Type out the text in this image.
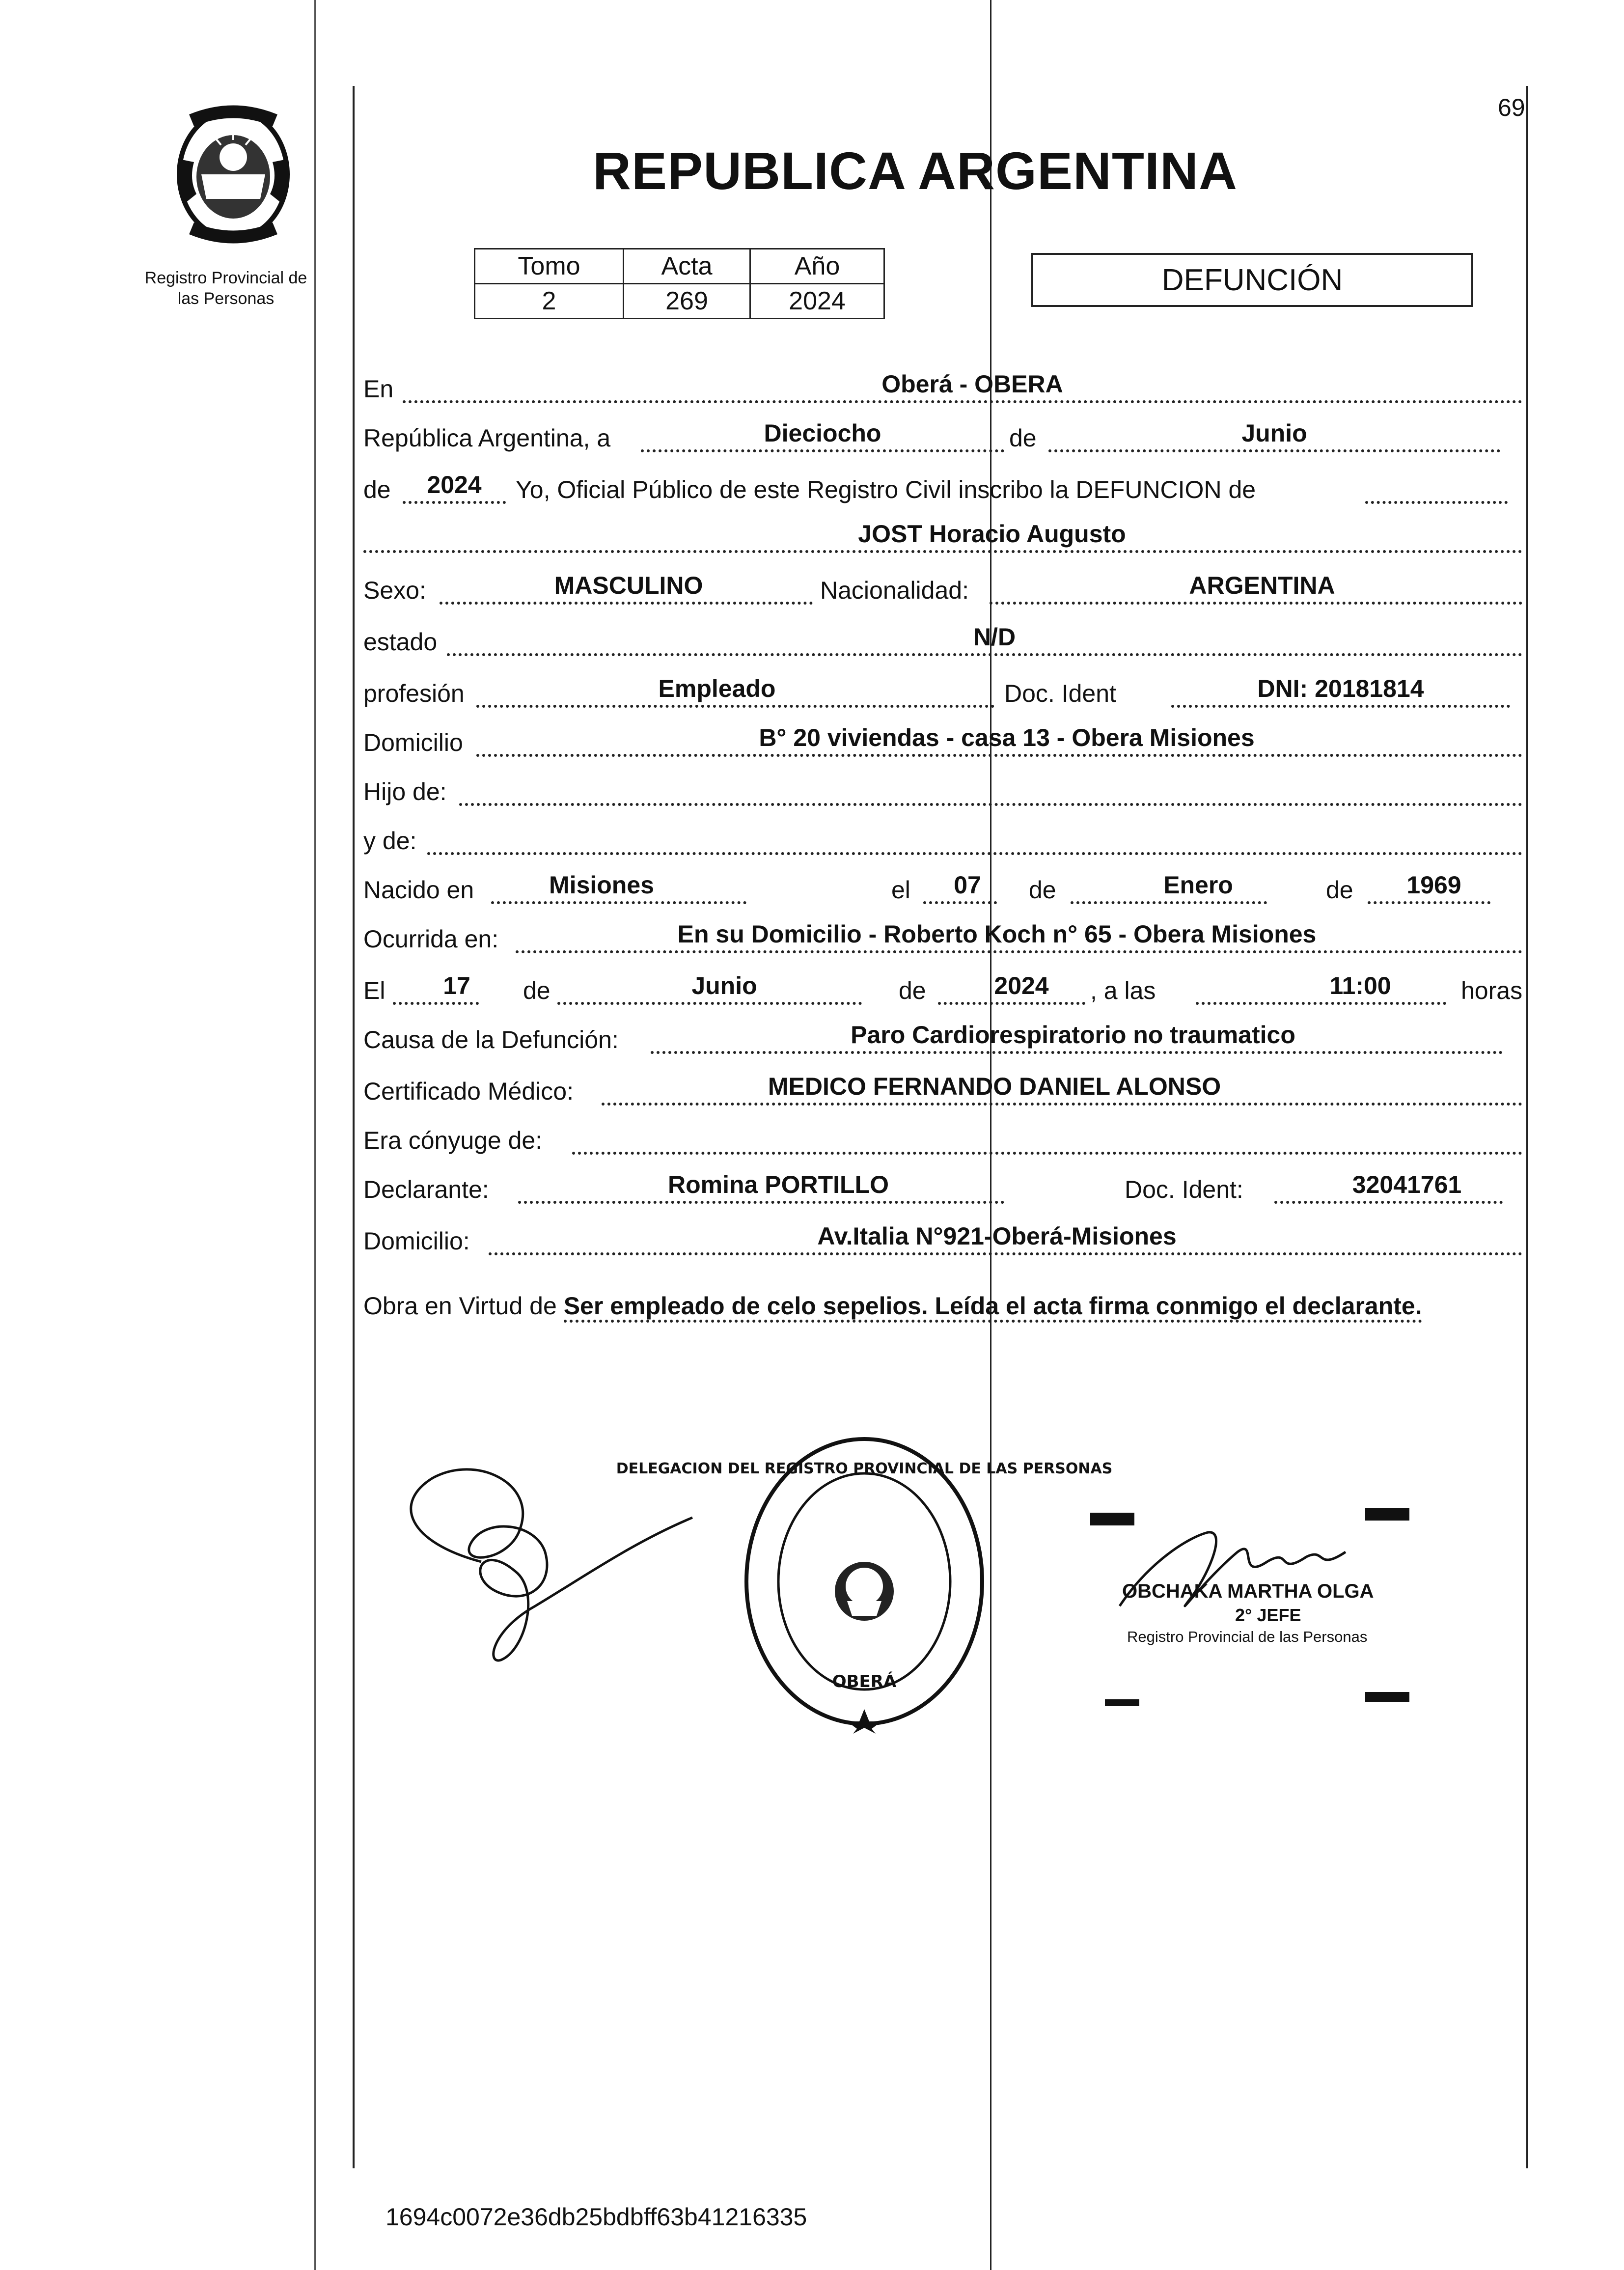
69
Registro Provincial de
las Personas
REPUBLICA ARGENTINA
Tomo	Acta	Año
2	269	2024
DEFUNCIÓN
En	Oberá - OBERA
República Argentina, a	Dieciocho	de	Junio
de 2024 Yo, Oficial Público de este Registro Civil inscribo la DEFUNCION de
JOST Horacio Augusto
Sexo:	MASCULINO	Nacionalidad:	ARGENTINA
estado	N/D
profesión	Empleado	Doc. Ident	DNI: 20181814
Domicilio	B° 20 viviendas - casa 13 - Obera Misiones
Hijo de:
y de:
Nacido en	Misiones	el 07 de	Enero	de 1969
Ocurrida en:	En su Domicilio - Roberto Koch n° 65 - Obera Misiones
El 17 de	Junio	de	2024 , a las	11:00	horas
Causa de la Defunción:	Paro Cardiorespiratorio no traumatico
Certificado Médico:	MEDICO FERNANDO DANIEL ALONSO
Era cónyuge de:
Declarante:	Romina PORTILLO	Doc. Ident:	32041761
Domicilio:	Av.Italia N°921-Oberá-Misiones
Obra en Virtud de Ser empleado de celo sepelios. Leída el acta firma conmigo el declarante.
DELEGACION DEL REGISTRO PROVINCIAL DE LAS PERSONAS
OBERÁ
OBCHAKA MARTHA OLGA
2° JEFE
Registro Provincial de las Personas
1694c0072e36db25bdbff63b41216335
